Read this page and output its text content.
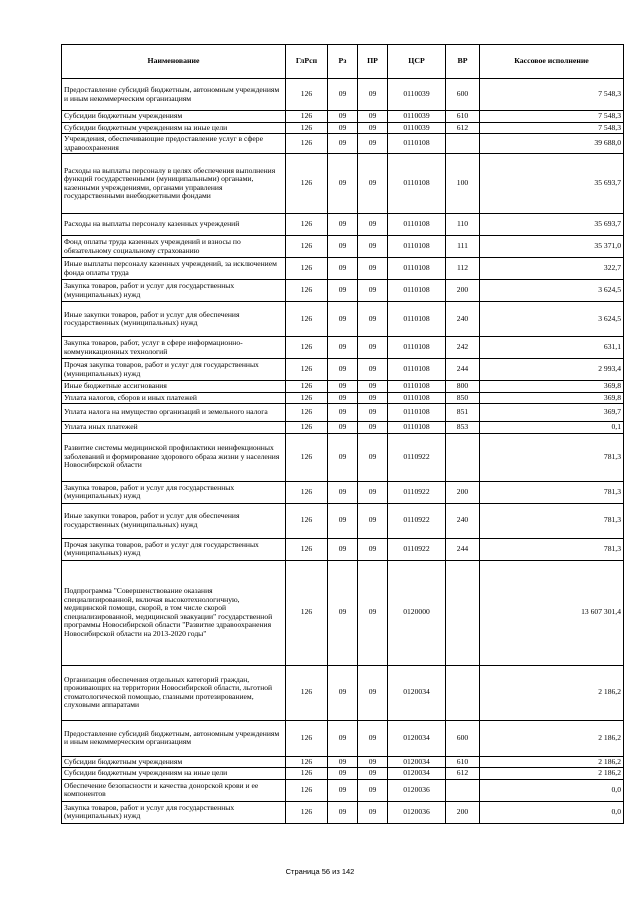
Наименование	ГлРсп	Рз	ПР	ЦСР	ВР	Кассовое исполнение
Предоставление субсидий бюджетным, автономным учреждениям и иным некоммерческим организациям	126	09	09	0110039	600	7 548,3
Субсидии бюджетным учреждениям	126	09	09	0110039	610	7 548,3
Субсидии бюджетным учреждениям на иные цели	126	09	09	0110039	612	7 548,3
Учреждения, обеспечивающие предоставление услуг в сфере здравоохранения	126	09	09	0110108		39 688,0
Расходы на выплаты персоналу в целях обеспечения выполнения функций государственными (муниципальными) органами, казенными учреждениями, органами управления государственными внебюджетными фондами	126	09	09	0110108	100	35 693,7
Расходы на выплаты персоналу казенных учреждений	126	09	09	0110108	110	35 693,7
Фонд оплаты труда казенных учреждений и взносы по обязательному социальному страхованию	126	09	09	0110108	111	35 371,0
Иные выплаты персоналу казенных учреждений, за исключением фонда оплаты труда	126	09	09	0110108	112	322,7
Закупка товаров, работ и услуг для государственных (муниципальных) нужд	126	09	09	0110108	200	3 624,5
Иные закупки товаров, работ и услуг для обеспечения государственных (муниципальных) нужд	126	09	09	0110108	240	3 624,5
Закупка товаров, работ, услуг в сфере информационно-коммуникационных технологий	126	09	09	0110108	242	631,1
Прочая закупка товаров, работ и услуг для государственных (муниципальных) нужд	126	09	09	0110108	244	2 993,4
Иные бюджетные ассигнования	126	09	09	0110108	800	369,8
Уплата налогов, сборов и иных платежей	126	09	09	0110108	850	369,8
Уплата налога на имущество организаций и земельного налога	126	09	09	0110108	851	369,7
Уплата иных платежей	126	09	09	0110108	853	0,1
Развитие системы медицинской профилактики неинфекционных заболеваний и формирование здорового образа жизни у населения Новосибирской области	126	09	09	0110922		781,3
Закупка товаров, работ и услуг для государственных (муниципальных) нужд	126	09	09	0110922	200	781,3
Иные закупки товаров, работ и услуг для обеспечения государственных (муниципальных) нужд	126	09	09	0110922	240	781,3
Прочая закупка товаров, работ и услуг для государственных (муниципальных) нужд	126	09	09	0110922	244	781,3
Подпрограмма "Совершенствование оказания специализированной, включая высокотехнологичную, медицинской помощи, скорой, в том числе скорой специализированной, медицинской эвакуации" государственной программы Новосибирской области "Развитие здравоохранения Новосибирской области на 2013-2020 годы"	126	09	09	0120000		13 607 301,4
Организация обеспечения отдельных категорий граждан, проживающих на территории Новосибирской области, льготной стоматологической помощью, глазными протезированием, слуховыми аппаратами	126	09	09	0120034		2 186,2
Предоставление субсидий бюджетным, автономным учреждениям и иным некоммерческим организациям	126	09	09	0120034	600	2 186,2
Субсидии бюджетным учреждениям	126	09	09	0120034	610	2 186,2
Субсидии бюджетным учреждениям на иные цели	126	09	09	0120034	612	2 186,2
Обеспечение безопасности и качества донорской крови и ее компонентов	126	09	09	0120036		0,0
Закупка товаров, работ и услуг для государственных (муниципальных) нужд	126	09	09	0120036	200	0,0
Страница 56 из 142
